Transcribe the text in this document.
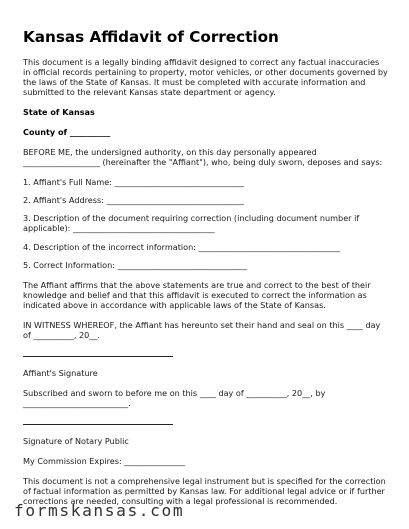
Kansas Affidavit of Correction

This document is a legally binding affidavit designed to correct any factual inaccuracies in official records pertaining to property, motor vehicles, or other documents governed by the laws of the State of Kansas. It must be completed with accurate information and submitted to the relevant Kansas state department or agency.

State of Kansas

County of __________

BEFORE ME, the undersigned authority, on this day personally appeared ___________________ (hereinafter the "Affiant"), who, being duly sworn, deposes and says:

1. Affiant's Full Name: ________________________________

2. Affiant's Address: __________________________________

3. Description of the document requiring correction (including document number if applicable): ___________________________________

4. Description of the incorrect information: ___________________________________

5. Correct Information: ________________________________

The Affiant affirms that the above statements are true and correct to the best of their knowledge and belief and that this affidavit is executed to correct the information as indicated above in accordance with applicable laws of the State of Kansas.

IN WITNESS WHEREOF, the Affiant has hereunto set their hand and seal on this ____ day of __________, 20__.

Affiant's Signature

Subscribed and sworn to before me on this ____ day of __________, 20__, by __________________________.

Signature of Notary Public

My Commission Expires: _______________

This document is not a comprehensive legal instrument but is specified for the correction of factual information as permitted by Kansas law. For additional legal advice or if further corrections are needed, consulting with a legal professional is recommended.

formskansas.com
